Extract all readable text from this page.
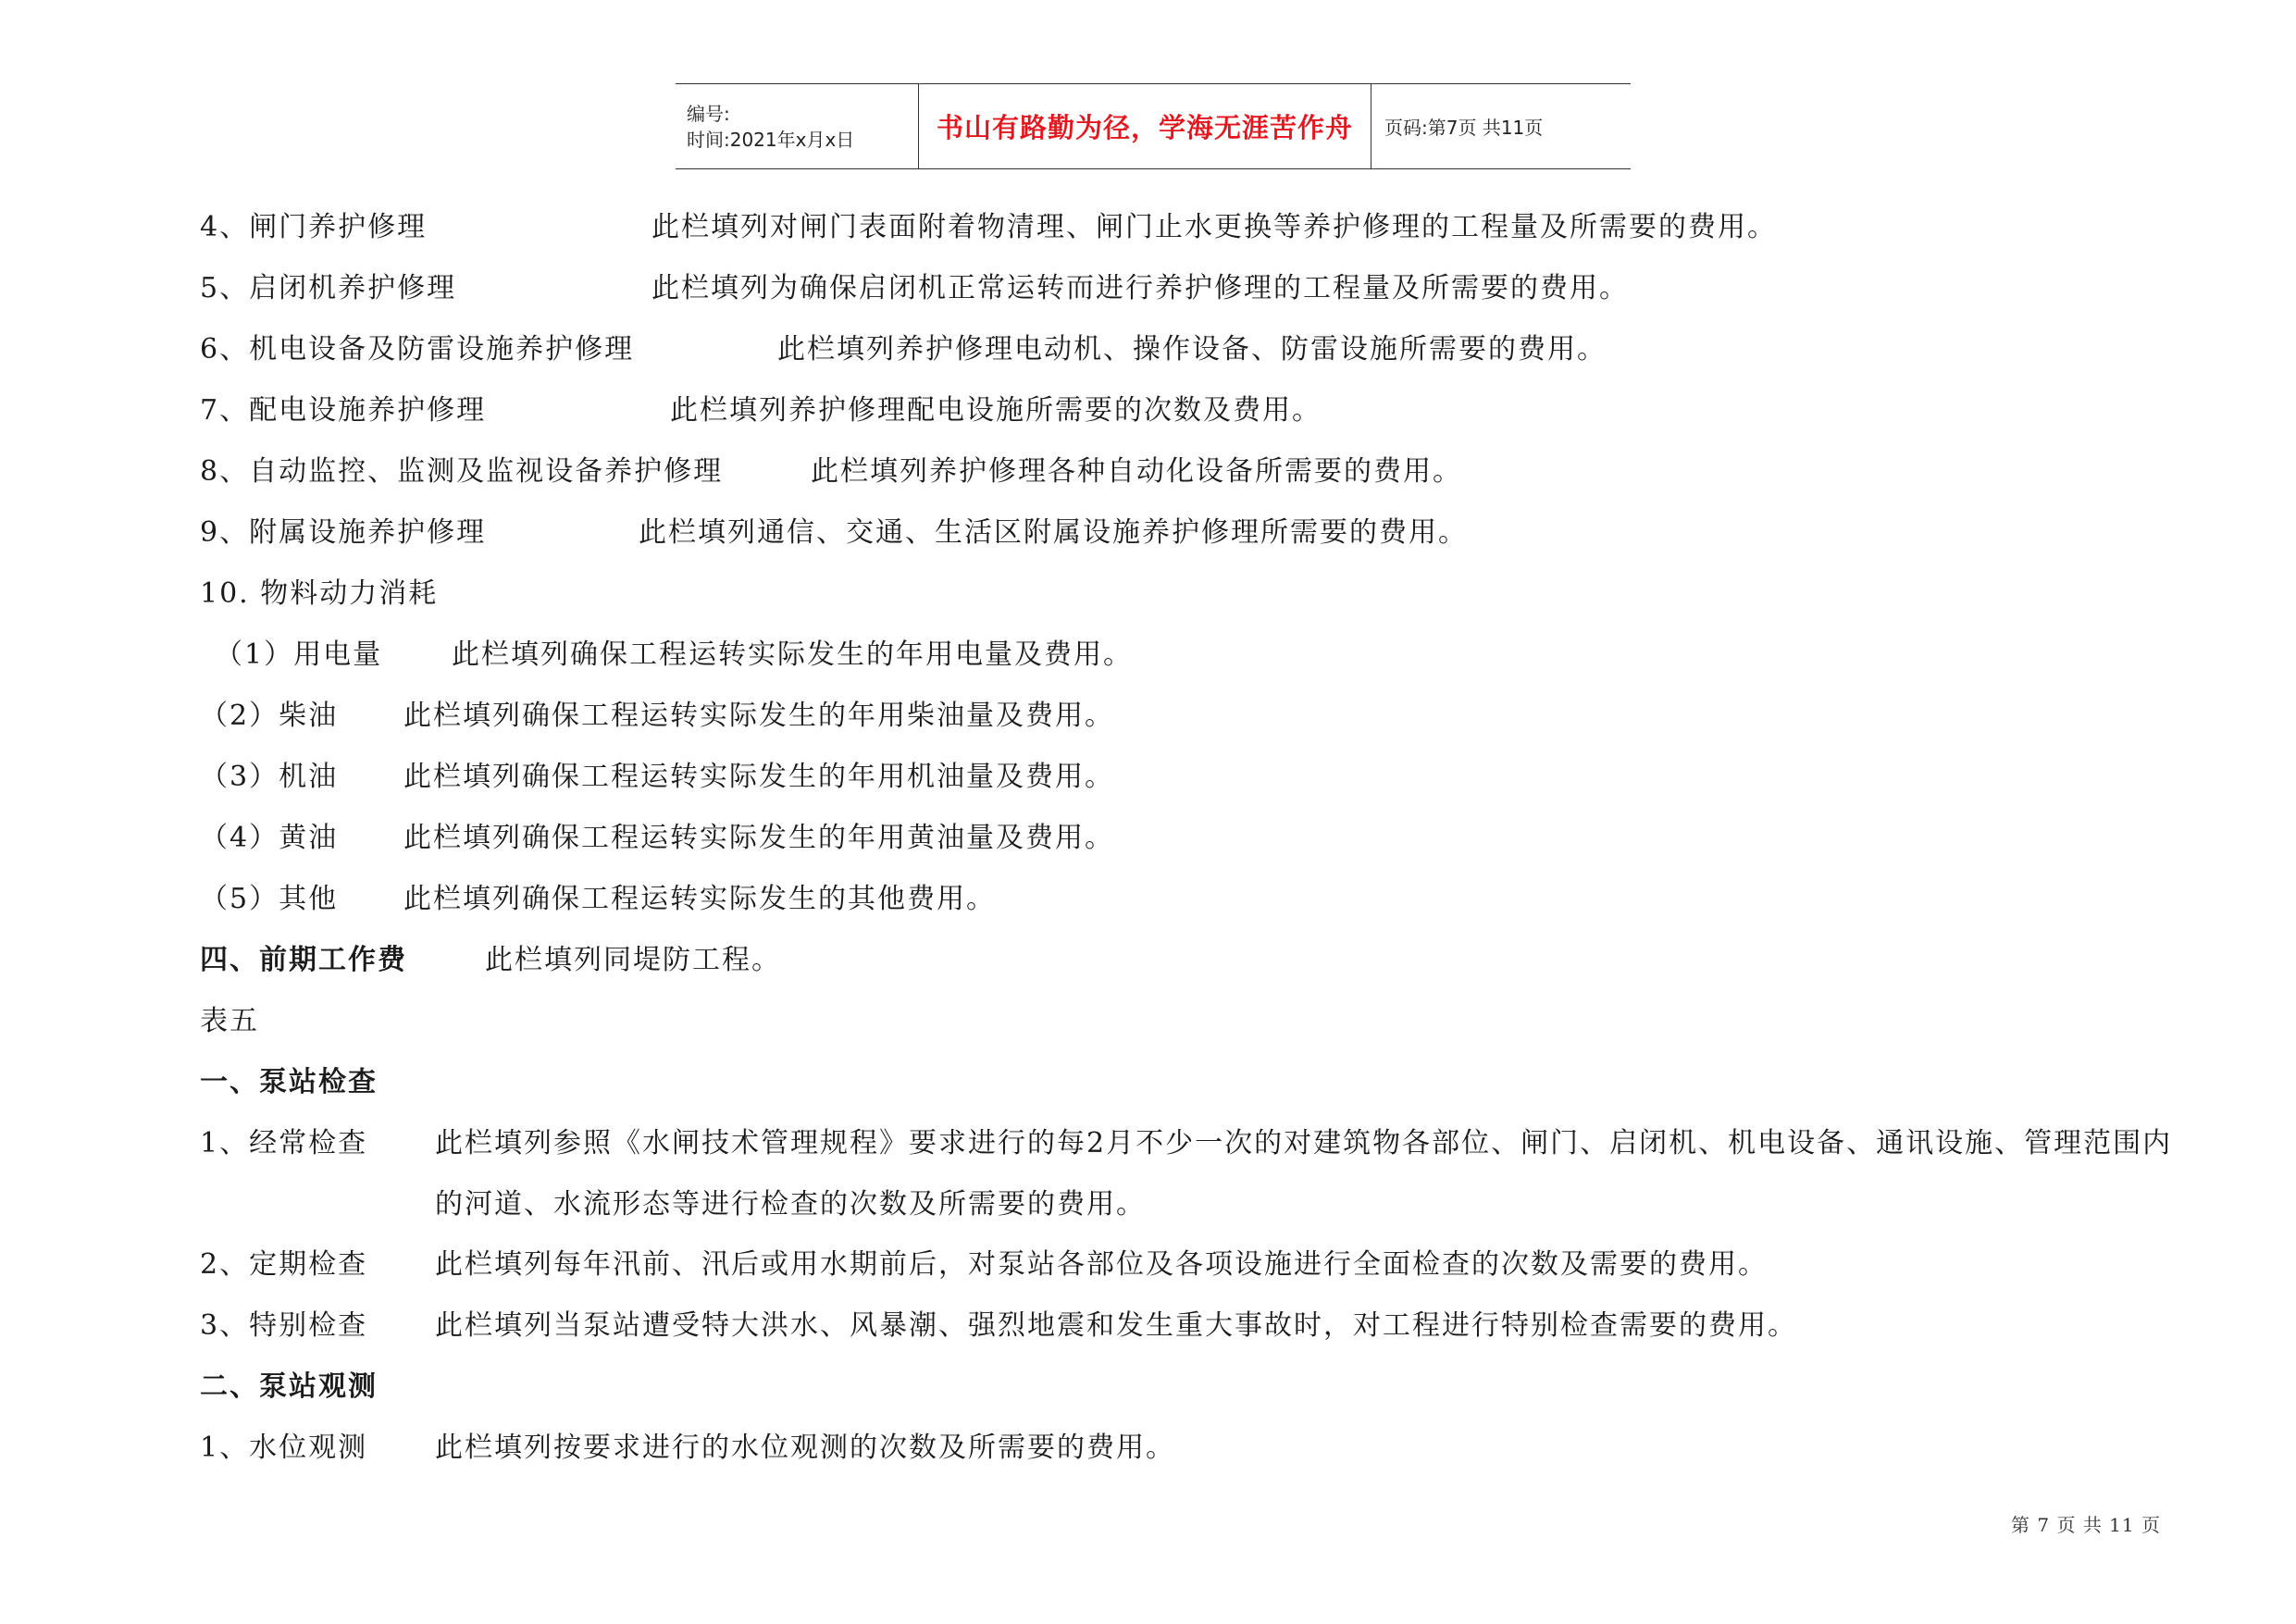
编号:
时间:2021年x月x日	书山有路勤为径，学海无涯苦作舟 页码:第7页 共11页
4、闸门养护修理	此栏填列对闸门表面附着物清理、闸门止水更换等养护修理的工程量及所需要的费用。
5、启闭机养护修理	此栏填列为确保启闭机正常运转而进行养护修理的工程量及所需要的费用。
6、机电设备及防雷设施养护修理	此栏填列养护修理电动机、操作设备、防雷设施所需要的费用。
7、配电设施养护修理	此栏填列养护修理配电设施所需要的次数及费用。
8、自动监控、监测及监视设备养护修理	此栏填列养护修理各种自动化设备所需要的费用。
9、附属设施养护修理	此栏填列通信、交通、生活区附属设施养护修理所需要的费用。
10. 物料动力消耗
（1）用电量 此栏填列确保工程运转实际发生的年用电量及费用。
（2）柴油 此栏填列确保工程运转实际发生的年用柴油量及费用。
（3）机油 此栏填列确保工程运转实际发生的年用机油量及费用。
（4）黄油 此栏填列确保工程运转实际发生的年用黄油量及费用。
（5）其他 此栏填列确保工程运转实际发生的其他费用。
四、前期工作费	此栏填列同堤防工程。
表五
一、泵站检查
1、经常检查 此栏填列参照《水闸技术管理规程》要求进行的每2月不少一次的对建筑物各部位、闸门、启闭机、机电设备、通讯设施、管理范围内的河道、水流形态等进行检查的次数及所需要的费用。
2、定期检查 此栏填列每年汛前、汛后或用水期前后，对泵站各部位及各项设施进行全面检查的次数及需要的费用。
3、特别检查 此栏填列当泵站遭受特大洪水、风暴潮、强烈地震和发生重大事故时，对工程进行特别检查需要的费用。
二、泵站观测
1、水位观测 此栏填列按要求进行的水位观测的次数及所需要的费用。
第 7 页 共 11 页
